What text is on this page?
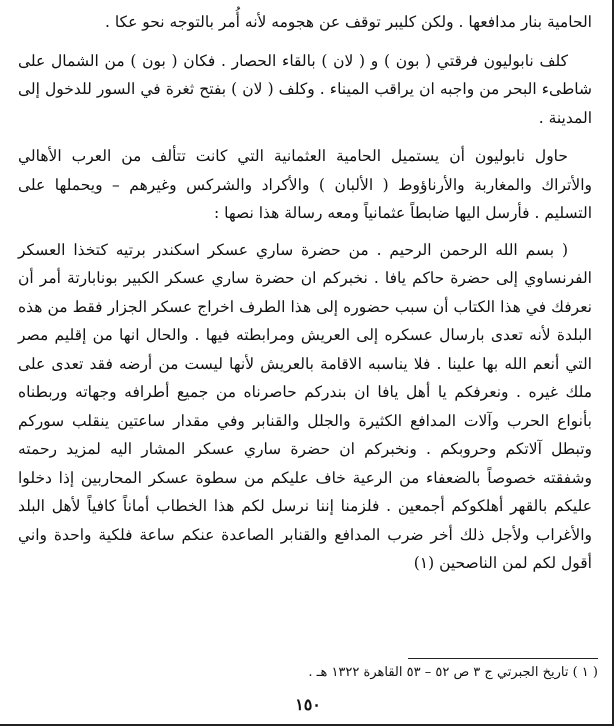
الحامية بنار مدافعها . ولكن كليبر توقف عن هجومه لأنه أُمر بالتوجه نحو عكا .

كلف نابوليون فرقتي ( بون ) و ( لان ) بالقاء الحصار . فكان ( بون ) من الشمال على شاطىء البحر من واجبه ان يراقب الميناء . وكلف ( لان ) بفتح ثغرة في السور للدخول إلى المدينة .

حاول نابوليون أن يستميل الحامية العثمانية التي كانت تتألف من العرب الأهالي والأتراك والمغاربة والأرناؤوط ( الألبان ) والأكراد والشركس وغيرهم – ويحملها على التسليم . فأرسل اليها ضابطاً عثمانياً ومعه رسالة هذا نصها :

( بسم الله الرحمن الرحيم . من حضرة ساري عسكر اسكندر برتيه كتخذا العسكر الفرنساوي إلى حضرة حاكم يافا . نخبركم ان حضرة ساري عسكر الكبير بونابارتة أمر أن نعرفك في هذا الكتاب أن سبب حضوره إلى هذا الطرف اخراج عسكر الجزار فقط من هذه البلدة لأنه تعدى بارسال عسكره إلى العريش ومرابطته فيها . والحال انها من إقليم مصر التي أنعم الله بها علينا . فلا يناسبه الاقامة بالعريش لأنها ليست من أرضه فقد تعدى على ملك غيره . ونعرفكم يا أهل يافا ان بندركم حاصرناه من جميع أطرافه وجهاته وربطناه بأنواع الحرب وآلات المدافع الكثيرة والجلل والقنابر وفي مقدار ساعتين ينقلب سوركم وتبطل آلاتكم وحروبكم . ونخبركم ان حضرة ساري عسكر المشار اليه لمزيد رحمته وشفقته خصوصاً بالضعفاء من الرعية خاف عليكم من سطوة عسكر المحاربين إذا دخلوا عليكم بالقهر أهلكوكم أجمعين . فلزمنا إننا نرسل لكم هذا الخطاب أماناً كافياً لأهل البلد والأغراب ولأجل ذلك أخر ضرب المدافع والقنابر الصاعدة عنكم ساعة فلكية واحدة واني أقول لكم لمن الناصحين (١)

( ١ ) تاريخ الجبرتي ج ٣ ص ٥٢ – ٥٣ القاهرة ١٣٢٢ هـ .
١٥٠
